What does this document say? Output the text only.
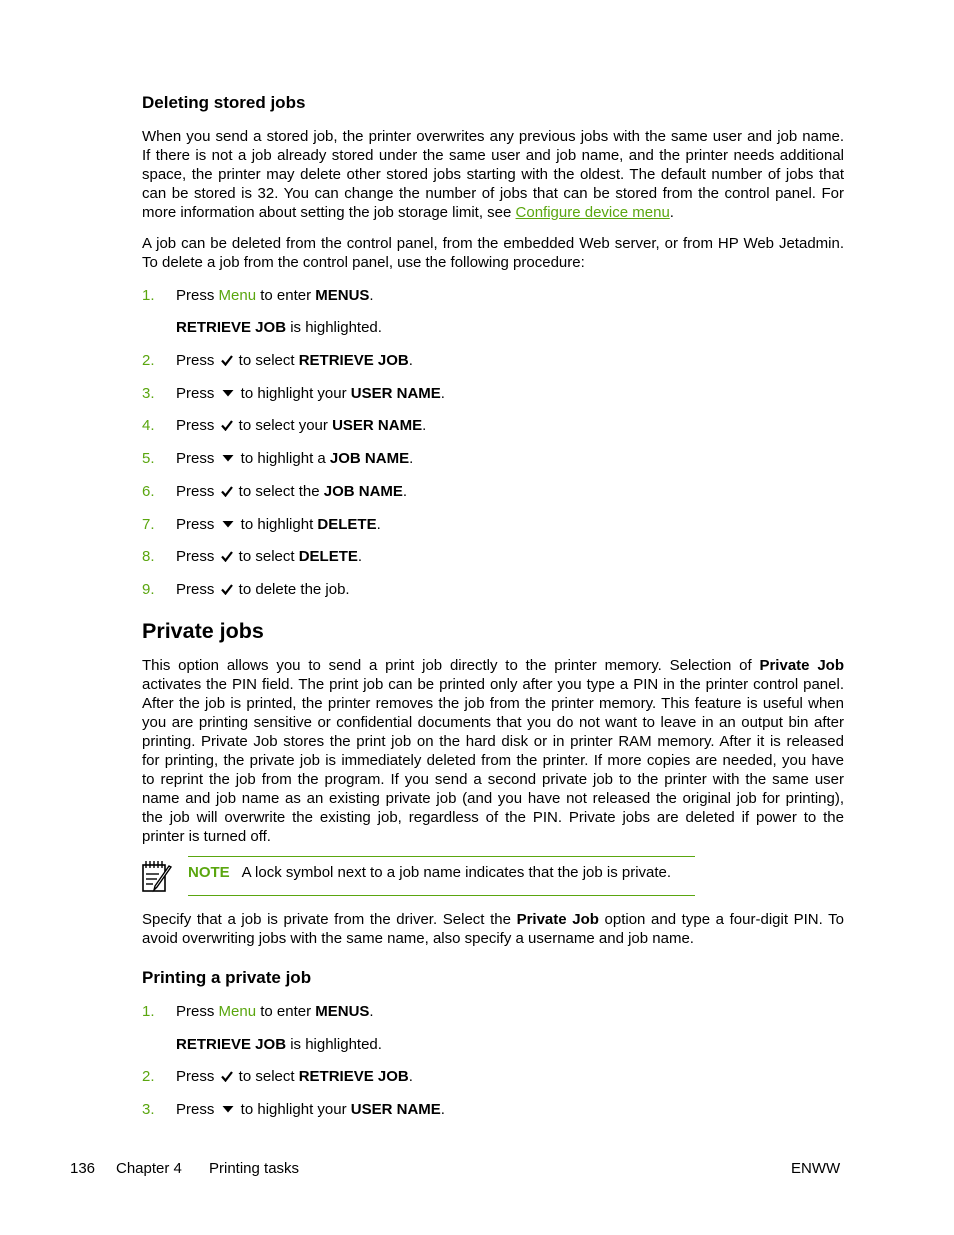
Deleting stored jobs
When you send a stored job, the printer overwrites any previous jobs with the same user and job name.
If there is not a job already stored under the same user and job name, and the printer needs additional
space, the printer may delete other stored jobs starting with the oldest. The default number of jobs that
can be stored is 32. You can change the number of jobs that can be stored from the control panel. For
more information about setting the job storage limit, see Configure device menu.
A job can be deleted from the control panel, from the embedded Web server, or from HP Web Jetadmin.
To delete a job from the control panel, use the following procedure:
1. Press Menu to enter MENUS.
RETRIEVE JOB is highlighted.
2. Press  to select RETRIEVE JOB.
3. Press  to highlight your USER NAME.
4. Press  to select your USER NAME.
5. Press  to highlight a JOB NAME.
6. Press  to select the JOB NAME.
7. Press  to highlight DELETE.
8. Press  to select DELETE.
9. Press  to delete the job.
Private jobs
This option allows you to send a print job directly to the printer memory. Selection of Private Job
activates the PIN field. The print job can be printed only after you type a PIN in the printer control panel.
After the job is printed, the printer removes the job from the printer memory. This feature is useful when
you are printing sensitive or confidential documents that you do not want to leave in an output bin after
printing. Private Job stores the print job on the hard disk or in printer RAM memory. After it is released
for printing, the private job is immediately deleted from the printer. If more copies are needed, you have
to reprint the job from the program. If you send a second private job to the printer with the same user
name and job name as an existing private job (and you have not released the original job for printing),
the job will overwrite the existing job, regardless of the PIN. Private jobs are deleted if power to the
printer is turned off.
NOTE A lock symbol next to a job name indicates that the job is private.
Specify that a job is private from the driver. Select the Private Job option and type a four-digit PIN. To
avoid overwriting jobs with the same name, also specify a username and job name.
Printing a private job
1. Press Menu to enter MENUS.
RETRIEVE JOB is highlighted.
2. Press  to select RETRIEVE JOB.
3. Press  to highlight your USER NAME.
136 Chapter 4 Printing tasks	ENWW
